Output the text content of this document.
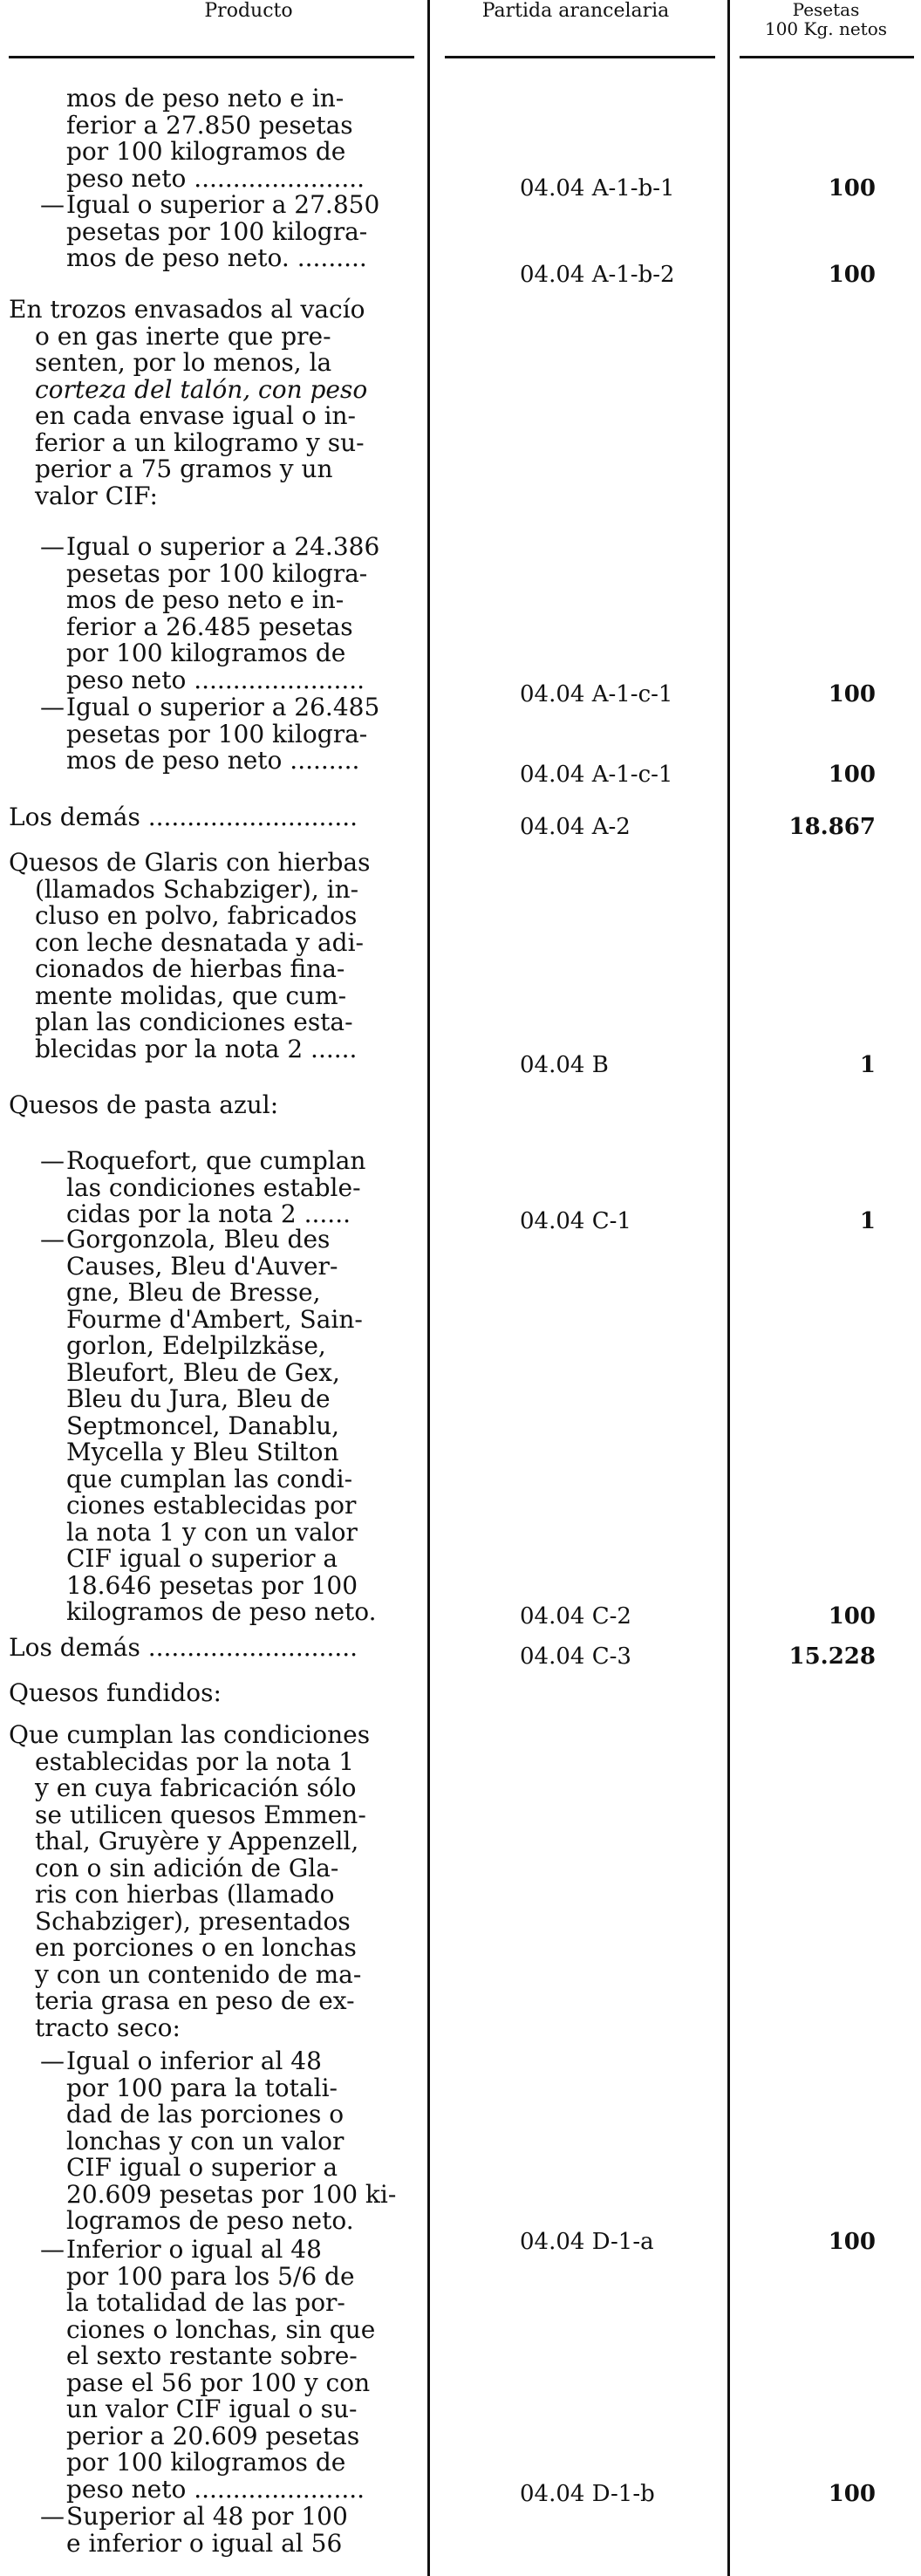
Producto	Partida arancelaria	Pesetas
100 Kg. netos
mos de peso neto e in-
ferior a 27.850 pesetas
por 100 kilogramos de
peso neto ......................	04.04 A-1-b-1	100
— Igual o superior a 27.850
pesetas por 100 kilogra-
mos de peso neto. .........
04.04 A-1-b-2	100
En trozos envasados al vacío
o en gas inerte que pre-
senten, por lo menos, la
corteza del talón, con peso
en cada envase igual o in-
ferior a un kilogramo y su-
perior a 75 gramos y un
valor CIF:
— Igual o superior a 24.386
pesetas por 100 kilogra-
mos de peso neto e in-
ferior a 26.485 pesetas
por 100 kilogramos de
peso neto ......................
04.04 A-1-c-1	100
— Igual o superior a 26.485
pesetas por 100 kilogra-
mos de peso neto .........	04.04 A-1-c-1	100
Los demás ...........................	04.04 A-2	18.867
Quesos de Glaris con hierbas
(llamados Schabziger), in-
cluso en polvo, fabricados
con leche desnatada y adi-
cionados de hierbas fina-
mente molidas, que cum-
plan las condiciones esta-
blecidas por la nota 2 ......
04.04 B	1
Quesos de pasta azul:
— Roquefort, que cumplan
las condiciones estable-
cidas por la nota 2 ......	04.04 C-1	1
— Gorgonzola, Bleu des
Causes, Bleu d'Auver-
gne, Bleu de Bresse,
Fourme d'Ambert, Sain-
gorlon, Edelpilzkäse,
Bleufort, Bleu de Gex,
Bleu du Jura, Bleu de
Septmoncel, Danablu,
Mycella y Bleu Stilton
que cumplan las condi-
ciones establecidas por
la nota 1 y con un valor
CIF igual o superior a
18.646 pesetas por 100
kilogramos de peso neto.	04.04 C-2	100
Los demás ...........................	04.04 C-3	15.228
Quesos fundidos:
Que cumplan las condiciones
establecidas por la nota 1
y en cuya fabricación sólo
se utilicen quesos Emmen-
thal, Gruyère y Appenzell,
con o sin adición de Gla-
ris con hierbas (llamado
Schabziger), presentados
en porciones o en lonchas
y con un contenido de ma-
teria grasa en peso de ex-
tracto seco:
— Igual o inferior al 48
por 100 para la totali-
dad de las porciones o
lonchas y con un valor
CIF igual o superior a
20.609 pesetas por 100 ki-
logramos de peso neto.
04.04 D-1-a	100
— Inferior o igual al 48
por 100 para los 5/6 de
la totalidad de las por-
ciones o lonchas, sin que
el sexto restante sobre-
pase el 56 por 100 y con
un valor CIF igual o su-
perior a 20.609 pesetas
por 100 kilogramos de
peso neto ......................	04.04 D-1-b	100
— Superior al 48 por 100
e inferior o igual al 56
